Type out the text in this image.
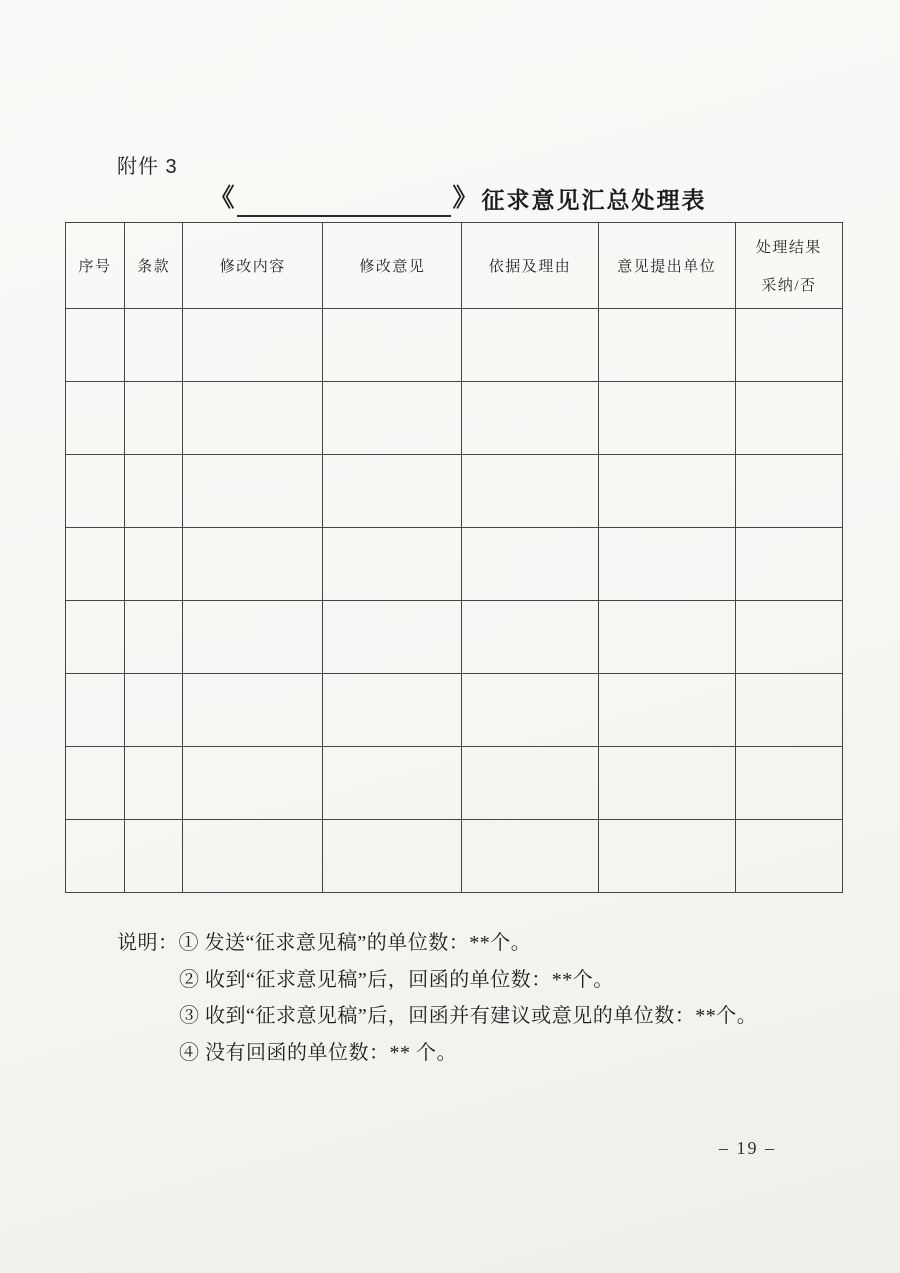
附件 3
《	》 征求意见汇总处理表
序号	条款	修改内容	修改意见	依据及理由	意见提出单位	处理结果
采纳/否

说明：① 发送“征求意见稿”的单位数：**个。
② 收到“征求意见稿”后，回函的单位数：**个。
③ 收到“征求意见稿”后，回函并有建议或意见的单位数：**个。
④ 没有回函的单位数：** 个。
– 19 –
